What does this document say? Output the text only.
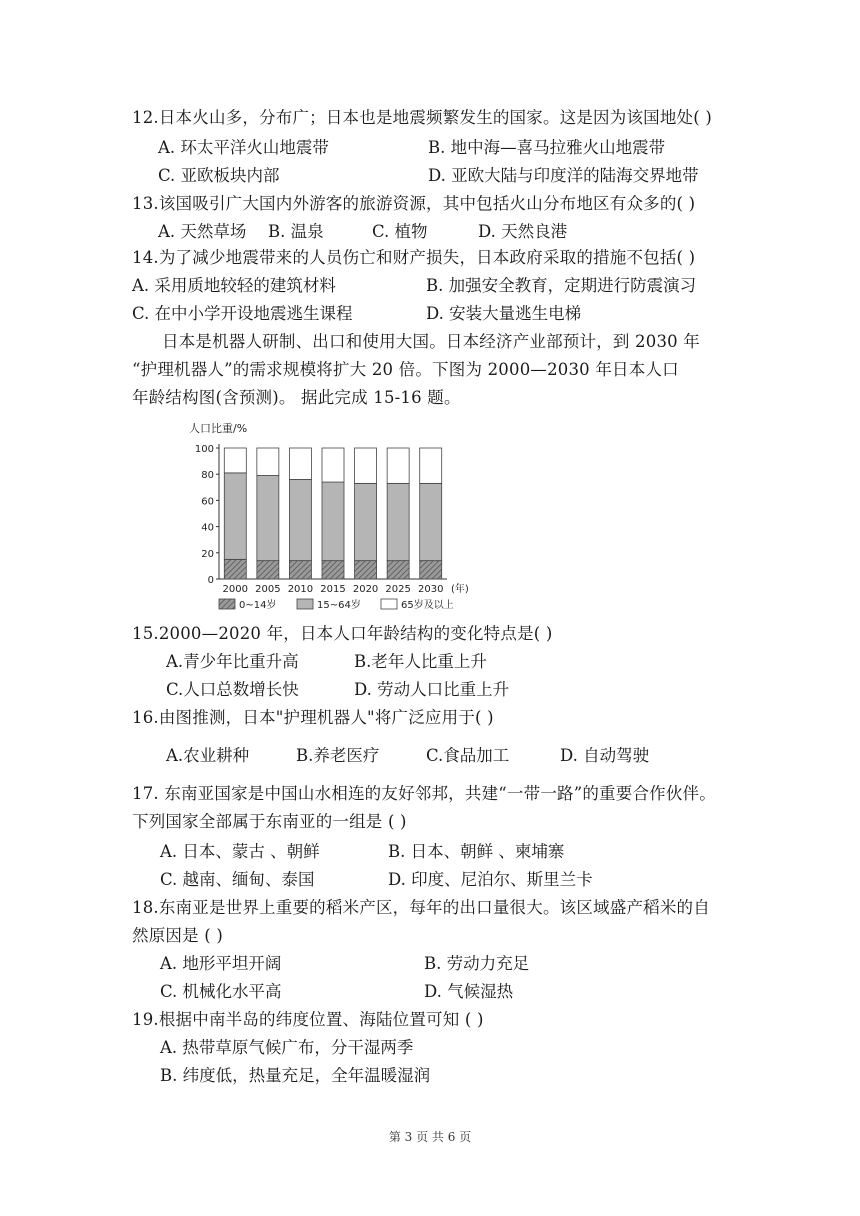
12.日本火山多，分布广；日本也是地震频繁发生的国家。这是因为该国地处( )
A. 环太平洋火山地震带	B. 地中海—喜马拉雅火山地震带
C. 亚欧板块内部	D. 亚欧大陆与印度洋的陆海交界地带
13.该国吸引广大国内外游客的旅游资源，其中包括火山分布地区有众多的( )
A. 天然草场 B. 温泉	C. 植物	D. 天然良港
14.为了减少地震带来的人员伤亡和财产损失，日本政府采取的措施不包括( )
A. 采用质地较轻的建筑材料	B. 加强安全教育，定期进行防震演习
C. 在中小学开设地震逃生课程	D. 安装大量逃生电梯
日本是机器人研制、出口和使用大国。日本经济产业部预计，到 2030 年
“护理机器人”的需求规模将扩大 20 倍。下图为 2000—2030 年日本人口
年龄结构图(含预测)。 据此完成 15-16 题。
人口比重/%
0
20
40
60
80
100
2000 2005 2010 2015 2020 2025 2030 (年)
0~14岁	15~64岁	65岁及以上
15.2000—2020 年，日本人口年龄结构的变化特点是( )
A.青少年比重升高	B.老年人比重上升
C.人口总数增长快	D. 劳动人口比重上升
16.由图推测，日本"护理机器人"将广泛应用于( )
A.农业耕种	B.养老医疗	C.食品加工	D. 自动驾驶
17. 东南亚国家是中国山水相连的友好邻邦，共建“一带一路”的重要合作伙伴。
下列国家全部属于东南亚的一组是 ( )
A. 日本、蒙古 、朝鲜	B. 日本、朝鲜 、柬埔寨
C. 越南、缅甸、泰国	D. 印度、尼泊尔、斯里兰卡
18.东南亚是世界上重要的稻米产区，每年的出口量很大。该区域盛产稻米的自
然原因是 ( )
A. 地形平坦开阔	B. 劳动力充足
C. 机械化水平高	D. 气候湿热
19.根据中南半岛的纬度位置、海陆位置可知 ( )
A. 热带草原气候广布，分干湿两季
B. 纬度低，热量充足，全年温暖湿润
第 3 页 共 6 页
